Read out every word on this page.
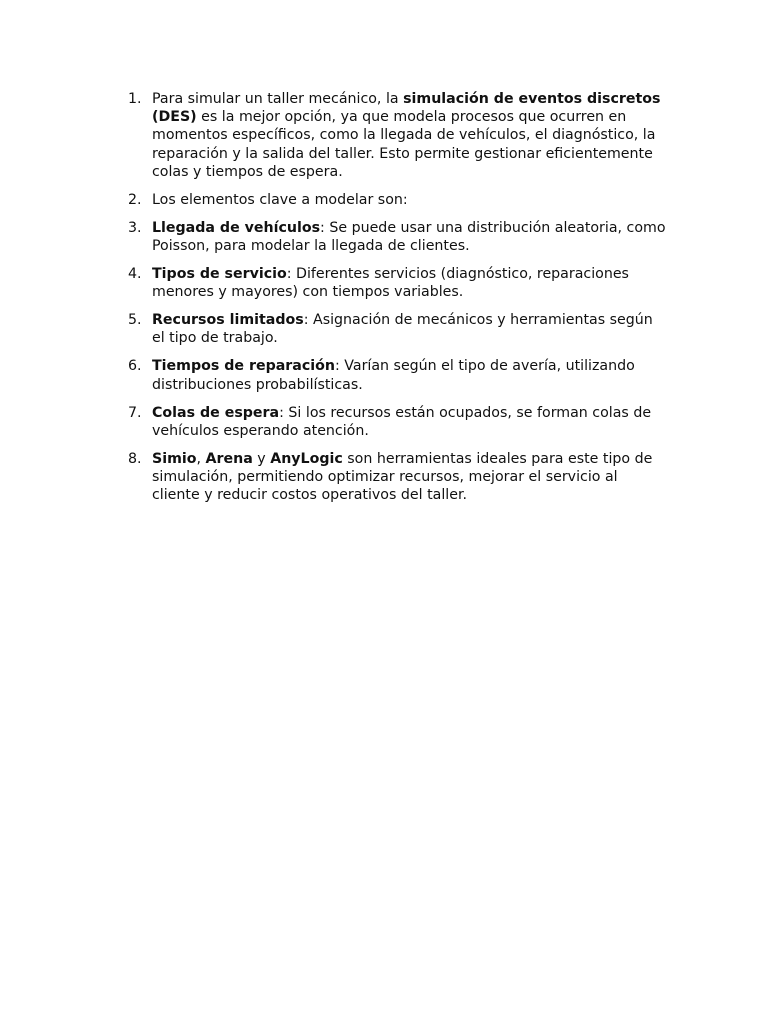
1. Para simular un taller mecánico, la simulación de eventos discretos (DES) es la mejor opción, ya que modela procesos que ocurren en momentos específicos, como la llegada de vehículos, el diagnóstico, la reparación y la salida del taller. Esto permite gestionar eficientemente colas y tiempos de espera.

2. Los elementos clave a modelar son:

3. Llegada de vehículos: Se puede usar una distribución aleatoria, como Poisson, para modelar la llegada de clientes.

4. Tipos de servicio: Diferentes servicios (diagnóstico, reparaciones menores y mayores) con tiempos variables.

5. Recursos limitados: Asignación de mecánicos y herramientas según el tipo de trabajo.

6. Tiempos de reparación: Varían según el tipo de avería, utilizando distribuciones probabilísticas.

7. Colas de espera: Si los recursos están ocupados, se forman colas de vehículos esperando atención.

8. Simio, Arena y AnyLogic son herramientas ideales para este tipo de simulación, permitiendo optimizar recursos, mejorar el servicio al cliente y reducir costos operativos del taller.
